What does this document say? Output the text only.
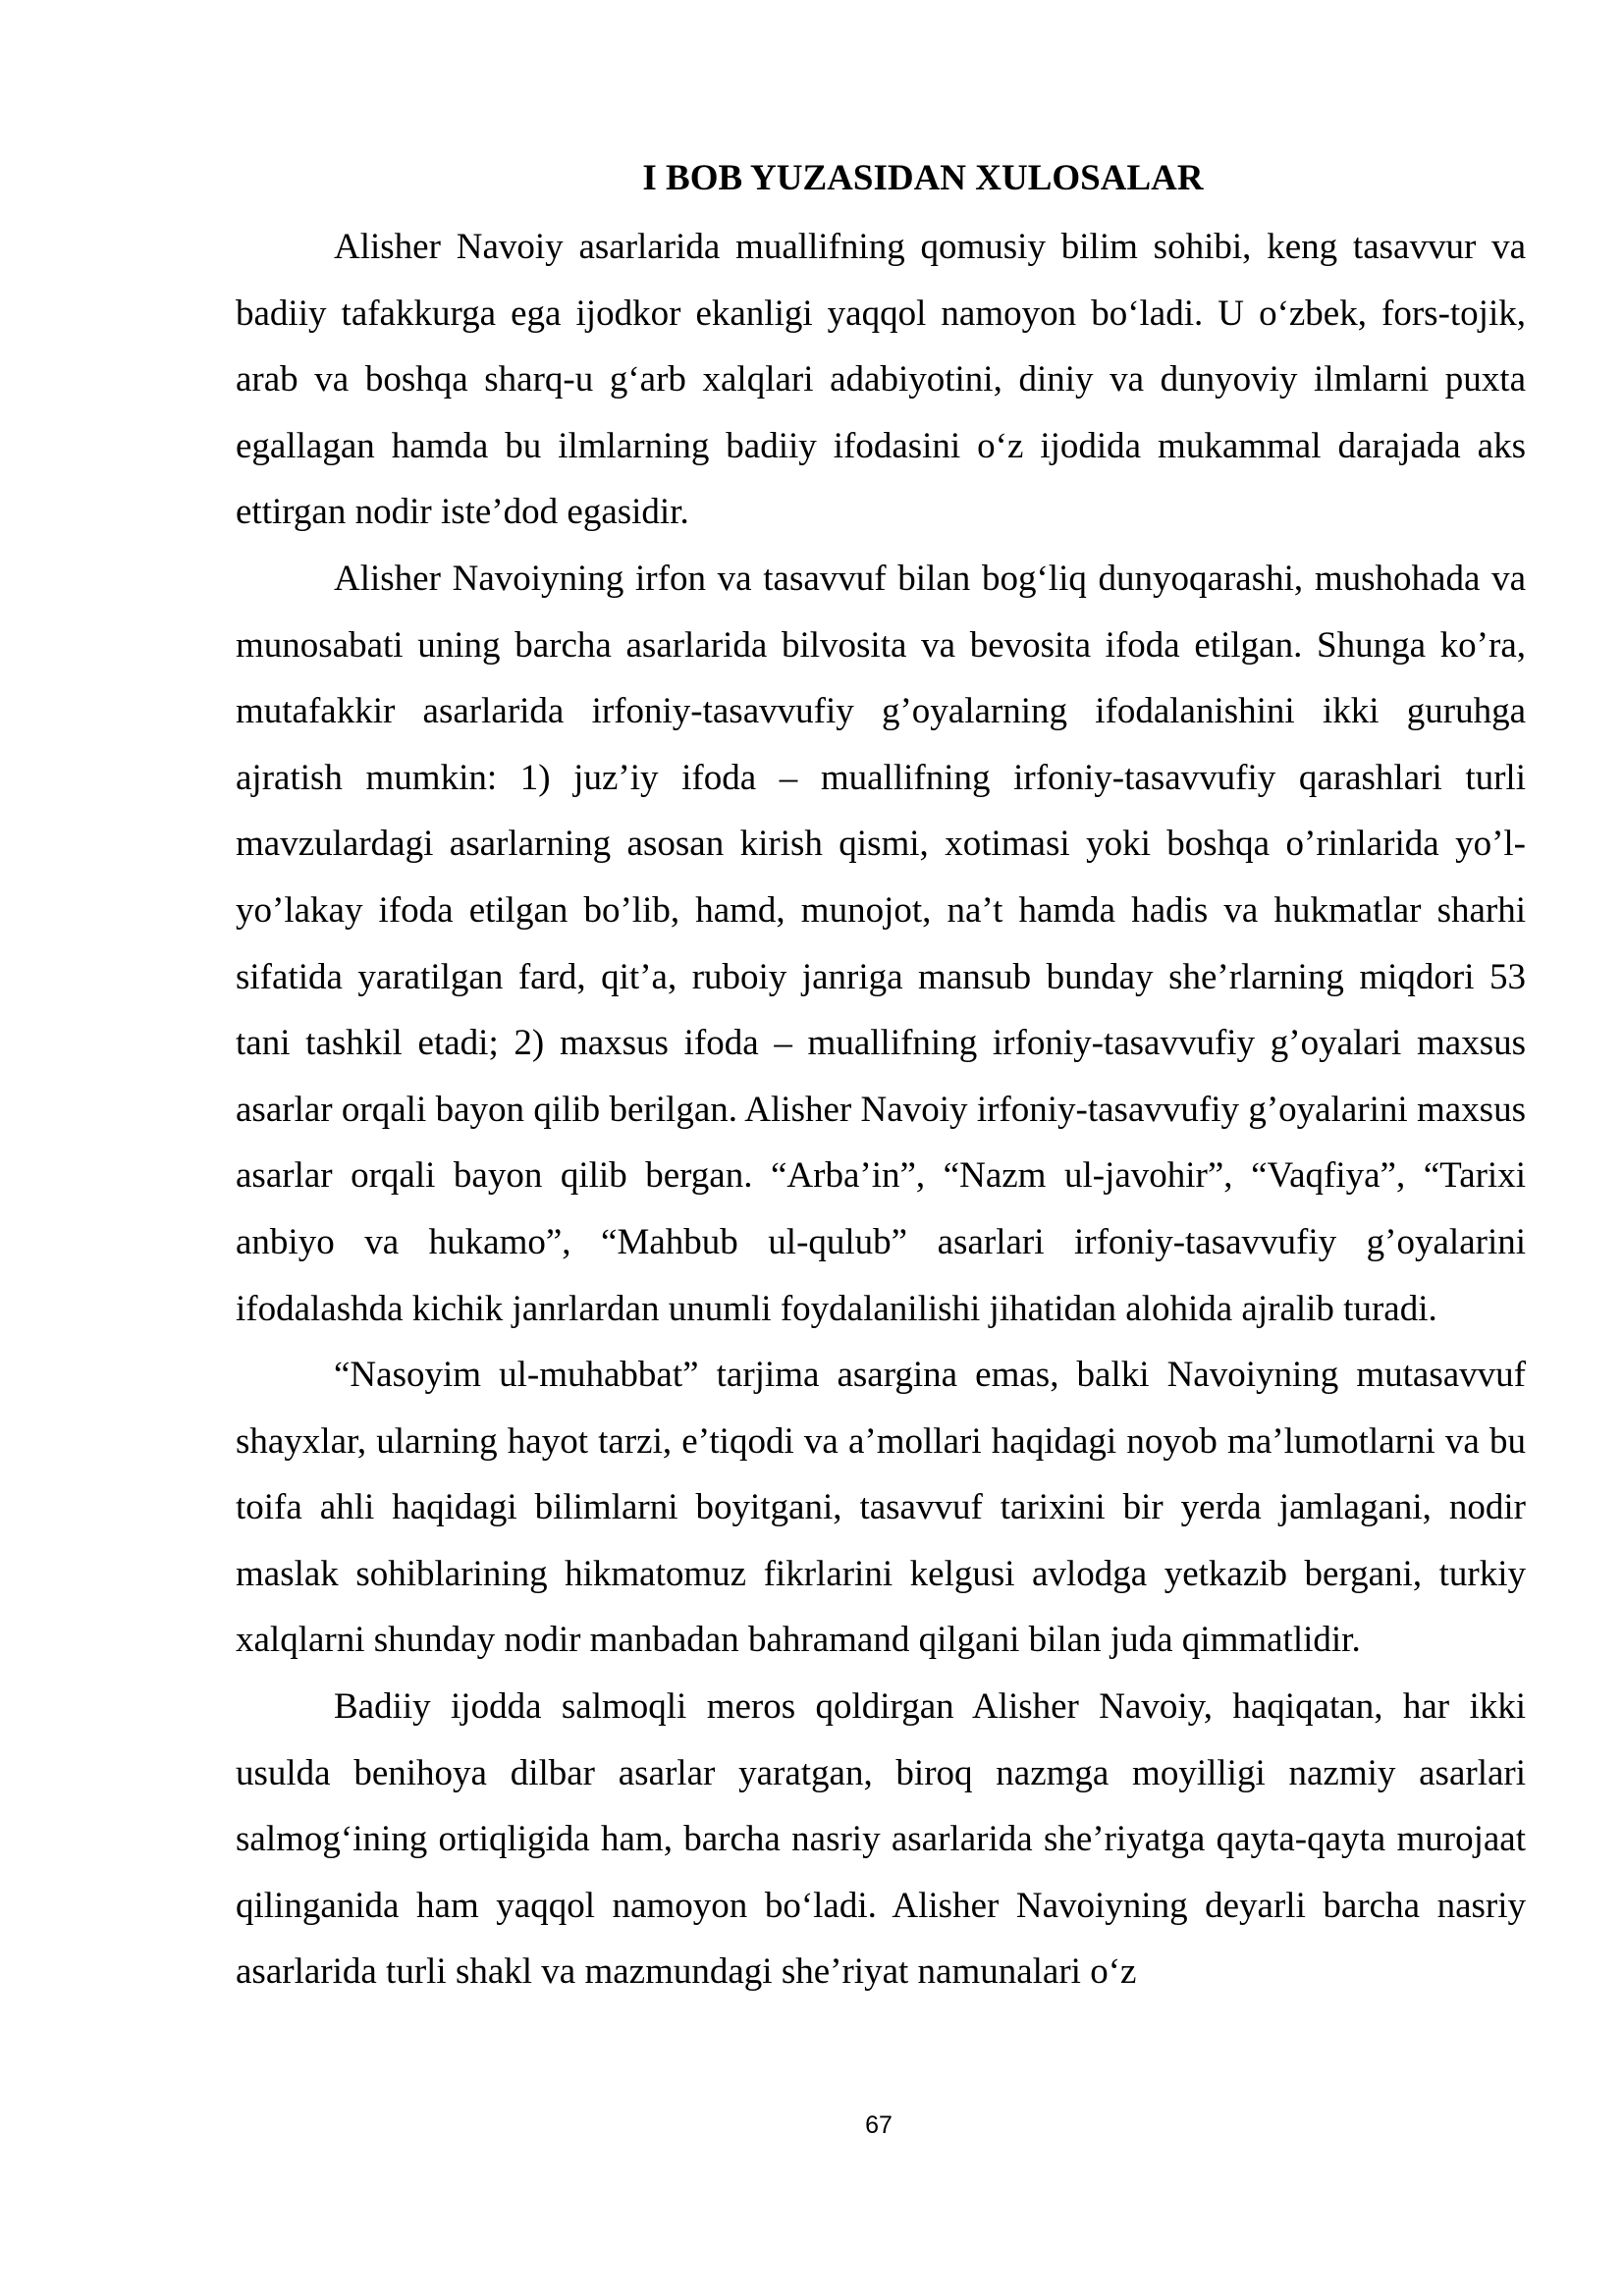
I BOB YUZASIDAN XULOSALAR

Alisher Navoiy asarlarida muallifning qomusiy bilim sohibi, keng tasavvur va badiiy tafakkurga ega ijodkor ekanligi yaqqol namoyon bo‘ladi. U o‘zbek, fors-tojik, arab va boshqa sharq-u g‘arb xalqlari adabiyotini, diniy va dunyoviy ilmlarni puxta egallagan hamda bu ilmlarning badiiy ifodasini o‘z ijodida mukammal darajada aks ettirgan nodir iste’dod egasidir.

Alisher Navoiyning irfon va tasavvuf bilan bog‘liq dunyoqarashi, mushohada va munosabati uning barcha asarlarida bilvosita va bevosita ifoda etilgan. Shunga ko’ra, mutafakkir asarlarida irfoniy-tasavvufiy g’oyalarning ifodalanishini ikki guruhga ajratish mumkin: 1) juz’iy ifoda – muallifning irfoniy-tasavvufiy qarashlari turli mavzulardagi asarlarning asosan kirish qismi, xotimasi yoki boshqa o’rinlarida yo’l-yo’lakay ifoda etilgan bo’lib, hamd, munojot, na’t hamda hadis va hukmatlar sharhi sifatida yaratilgan fard, qit’a, ruboiy janriga mansub bunday she’rlarning miqdori 53 tani tashkil etadi; 2) maxsus ifoda – muallifning irfoniy-tasavvufiy g’oyalari maxsus asarlar orqali bayon qilib berilgan. Alisher Navoiy irfoniy-tasavvufiy g’oyalarini maxsus asarlar orqali bayon qilib bergan. “Arba’in”, “Nazm ul-javohir”, “Vaqfiya”, “Tarixi anbiyo va hukamo”, “Mahbub ul-qulub” asarlari irfoniy-tasavvufiy g’oyalarini ifodalashda kichik janrlardan unumli foydalanilishi jihatidan alohida ajralib turadi.

“Nasoyim ul-muhabbat” tarjima asargina emas, balki Navoiyning mutasavvuf shayxlar, ularning hayot tarzi, e’tiqodi va a’mollari haqidagi noyob ma’lumotlarni va bu toifa ahli haqidagi bilimlarni boyitgani, tasavvuf tarixini bir yerda jamlagani, nodir maslak sohiblarining hikmatomuz fikrlarini kelgusi avlodga yetkazib bergani, turkiy xalqlarni shunday nodir manbadan bahramand qilgani bilan juda qimmatlidir.

Badiiy ijodda salmoqli meros qoldirgan Alisher Navoiy, haqiqatan, har ikki usulda benihoya dilbar asarlar yaratgan, biroq nazmga moyilligi nazmiy asarlari salmog‘ining ortiqligida ham, barcha nasriy asarlarida she’riyatga qayta-qayta murojaat qilinganida ham yaqqol namoyon bo‘ladi. Alisher Navoiyning deyarli barcha nasriy asarlarida turli shakl va mazmundagi she’riyat namunalari o‘z

67
